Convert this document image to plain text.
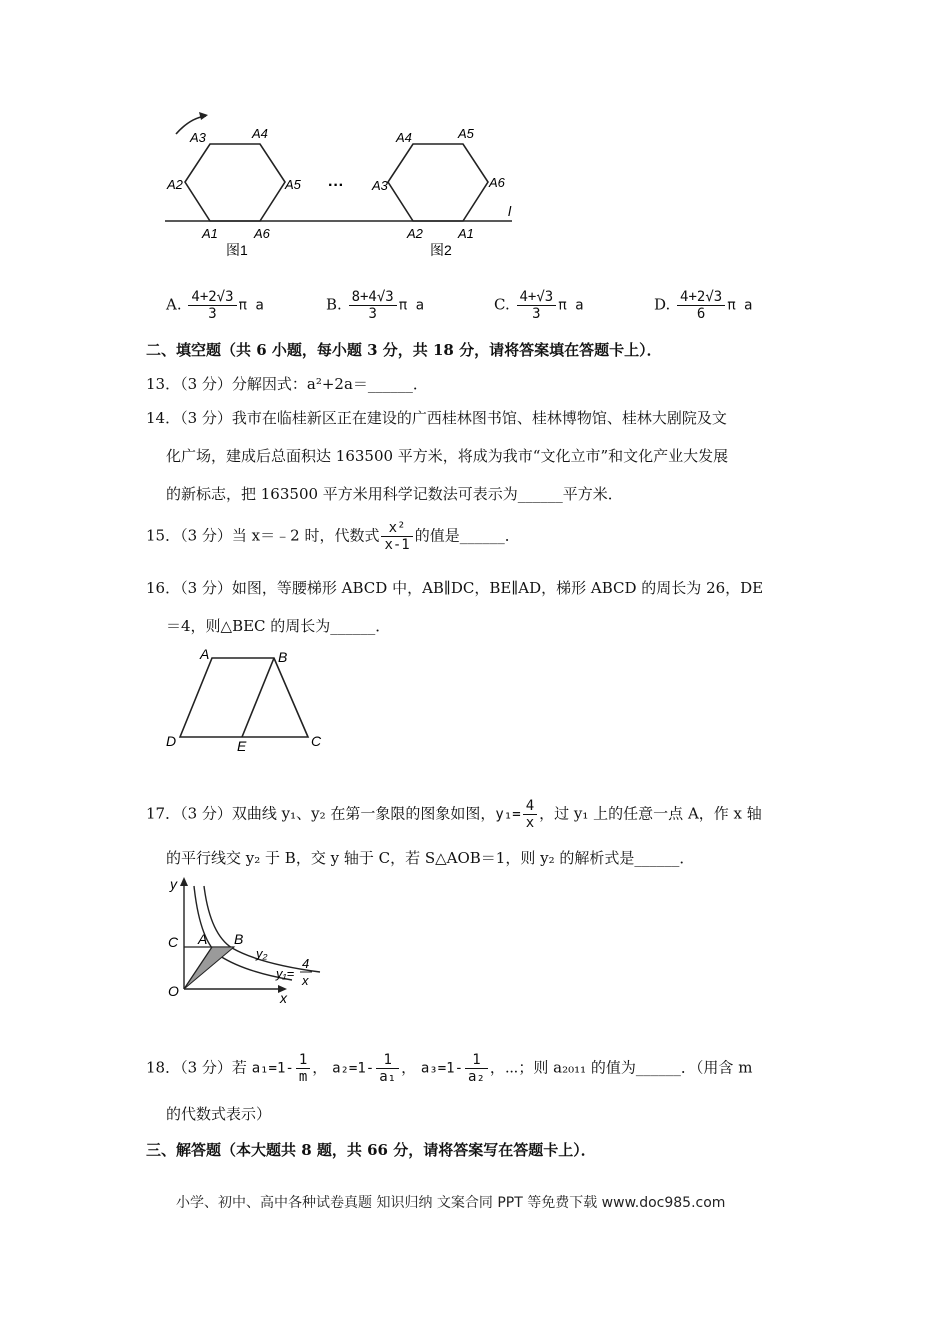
A3	A4
A2	A5
A1	A6
图1
···
A4	A5
A3	A6
A2	A1
图2
l
A. $\frac{4+2√3}{3}$ π a	B. $\frac{8+4√3}{3}$ π a	C. $\frac{4+√3}{3}$ π a	D. $\frac{4+2√3}{6}$ π a
二、填空题（共 6 小题，每小题 3 分，共 18 分，请将答案填在答题卡上）．
13．（3 分）分解因式：a²+2a＝______．
14．（3 分）我市在临桂新区正在建设的广西桂林图书馆、桂林博物馆、桂林大剧院及文
化广场，建成后总面积达 163500 平方米，将成为我市“文化立市”和文化产业大发展
的新标志，把 163500 平方米用科学记数法可表示为______平方米．
15．（3 分）当 x＝﹣2 时，代数式 $\frac{\text{x²}}{x-1}$ 的值是______．
16．（3 分）如图，等腰梯形 ABCD 中，AB∥DC，BE∥AD，梯形 ABCD 的周长为 26，DE
＝4，则△BEC 的周长为______．
A	B
D	C
E
17．（3 分）双曲线 y₁、y₂ 在第一象限的图象如图，$y_1= \frac{4}{x}$ ，过 y₁ 上的任意一点 A，作 x 轴
的平行线交 y₂ 于 B，交 y 轴于 C，若 S△AOB＝1，则 y₂ 的解析式是______．
y
x
O
C A B
y₂
y₁=
4
x
18．（3 分）若 $a_1=1- \frac{1}{m}$ ， $a_2=1- \frac{1}{\text{a₁}}$ ， $a_3=1- \frac{1}{\text{a₂}}$ ，⋯；则 a₂₀₁₁ 的值为______．（用含 m
的代数式表示）
三、解答题（本大题共 8 题，共 66 分，请将答案写在答题卡上）．
小学、初中、高中各种试卷真题 知识归纳 文案合同 PPT 等免费下载 www.doc985.com
